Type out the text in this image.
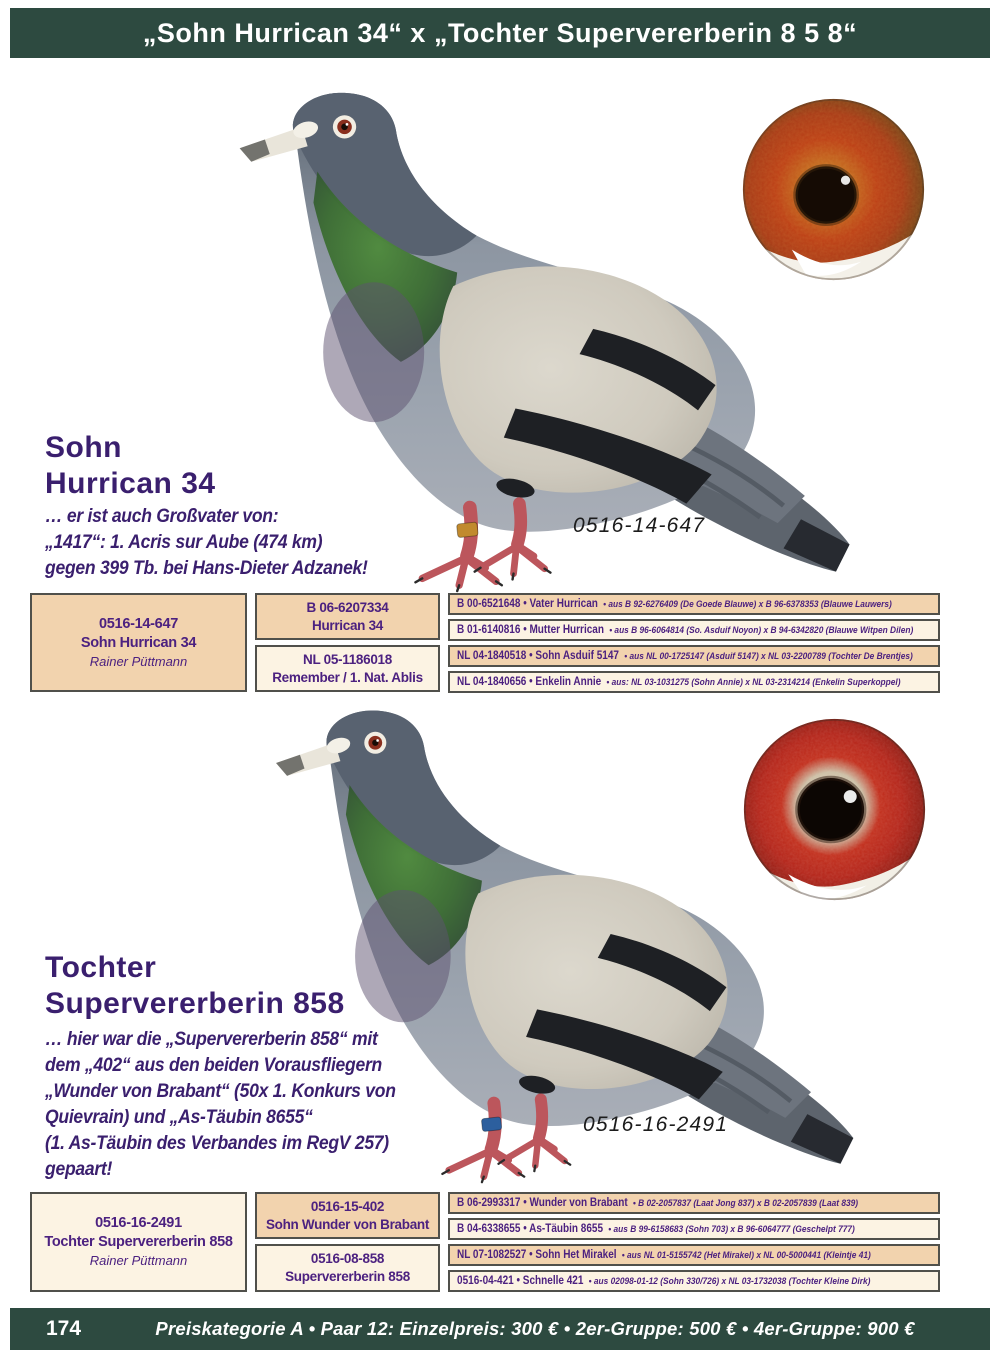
„Sohn Hurrican 34“ x „Tochter Supervererberin 8 5 8“
Sohn
Hurrican 34
… er ist auch Großvater von:
„1417“: 1. Acris sur Aube (474 km)
gegen 399 Tb. bei Hans-Dieter Adzanek!
0516-14-647
0516-14-647
Sohn Hurrican 34
Rainer Püttmann
B 06-6207334
Hurrican 34
NL 05-1186018
Remember / 1. Nat. Ablis
B 00-6521648 • Vater Hurrican • aus B 92-6276409 (De Goede Blauwe) x B 96-6378353 (Blauwe Lauwers)
B 01-6140816 • Mutter Hurrican • aus B 96-6064814 (So. Asduif Noyon) x B 94-6342820 (Blauwe Witpen Dilen)
NL 04-1840518 • Sohn Asduif 5147 • aus NL 00-1725147 (Asduif 5147) x NL 03-2200789 (Tochter De Brentjes)
NL 04-1840656 • Enkelin Annie • aus: NL 03-1031275 (Sohn Annie) x NL 03-2314214 (Enkelin Superkoppel)
Tochter
Supervererberin 858
… hier war die „Supervererberin 858“ mit
dem „402“ aus den beiden Vorausfliegern
„Wunder von Brabant“ (50x 1. Konkurs von
Quievrain) und „As-Täubin 8655“
(1. As-Täubin des Verbandes im RegV 257)
gepaart!
0516-16-2491
0516-16-2491
Tochter Supervererberin 858
Rainer Püttmann
0516-15-402
Sohn Wunder von Brabant
0516-08-858
Supervererberin 858
B 06-2993317 • Wunder von Brabant • B 02-2057837 (Laat Jong 837) x B 02-2057839 (Laat 839)
B 04-6338655 • As-Täubin 8655 • aus B 99-6158683 (Sohn 703) x B 96-6064777 (Geschelpt 777)
NL 07-1082527 • Sohn Het Mirakel • aus NL 01-5155742 (Het Mirakel) x NL 00-5000441 (Kleintje 41)
0516-04-421 • Schnelle 421 • aus 02098-01-12 (Sohn 330/726) x NL 03-1732038 (Tochter Kleine Dirk)
174	Preiskategorie A • Paar 12: Einzelpreis: 300 € • 2er-Gruppe: 500 € • 4er-Gruppe: 900 €
